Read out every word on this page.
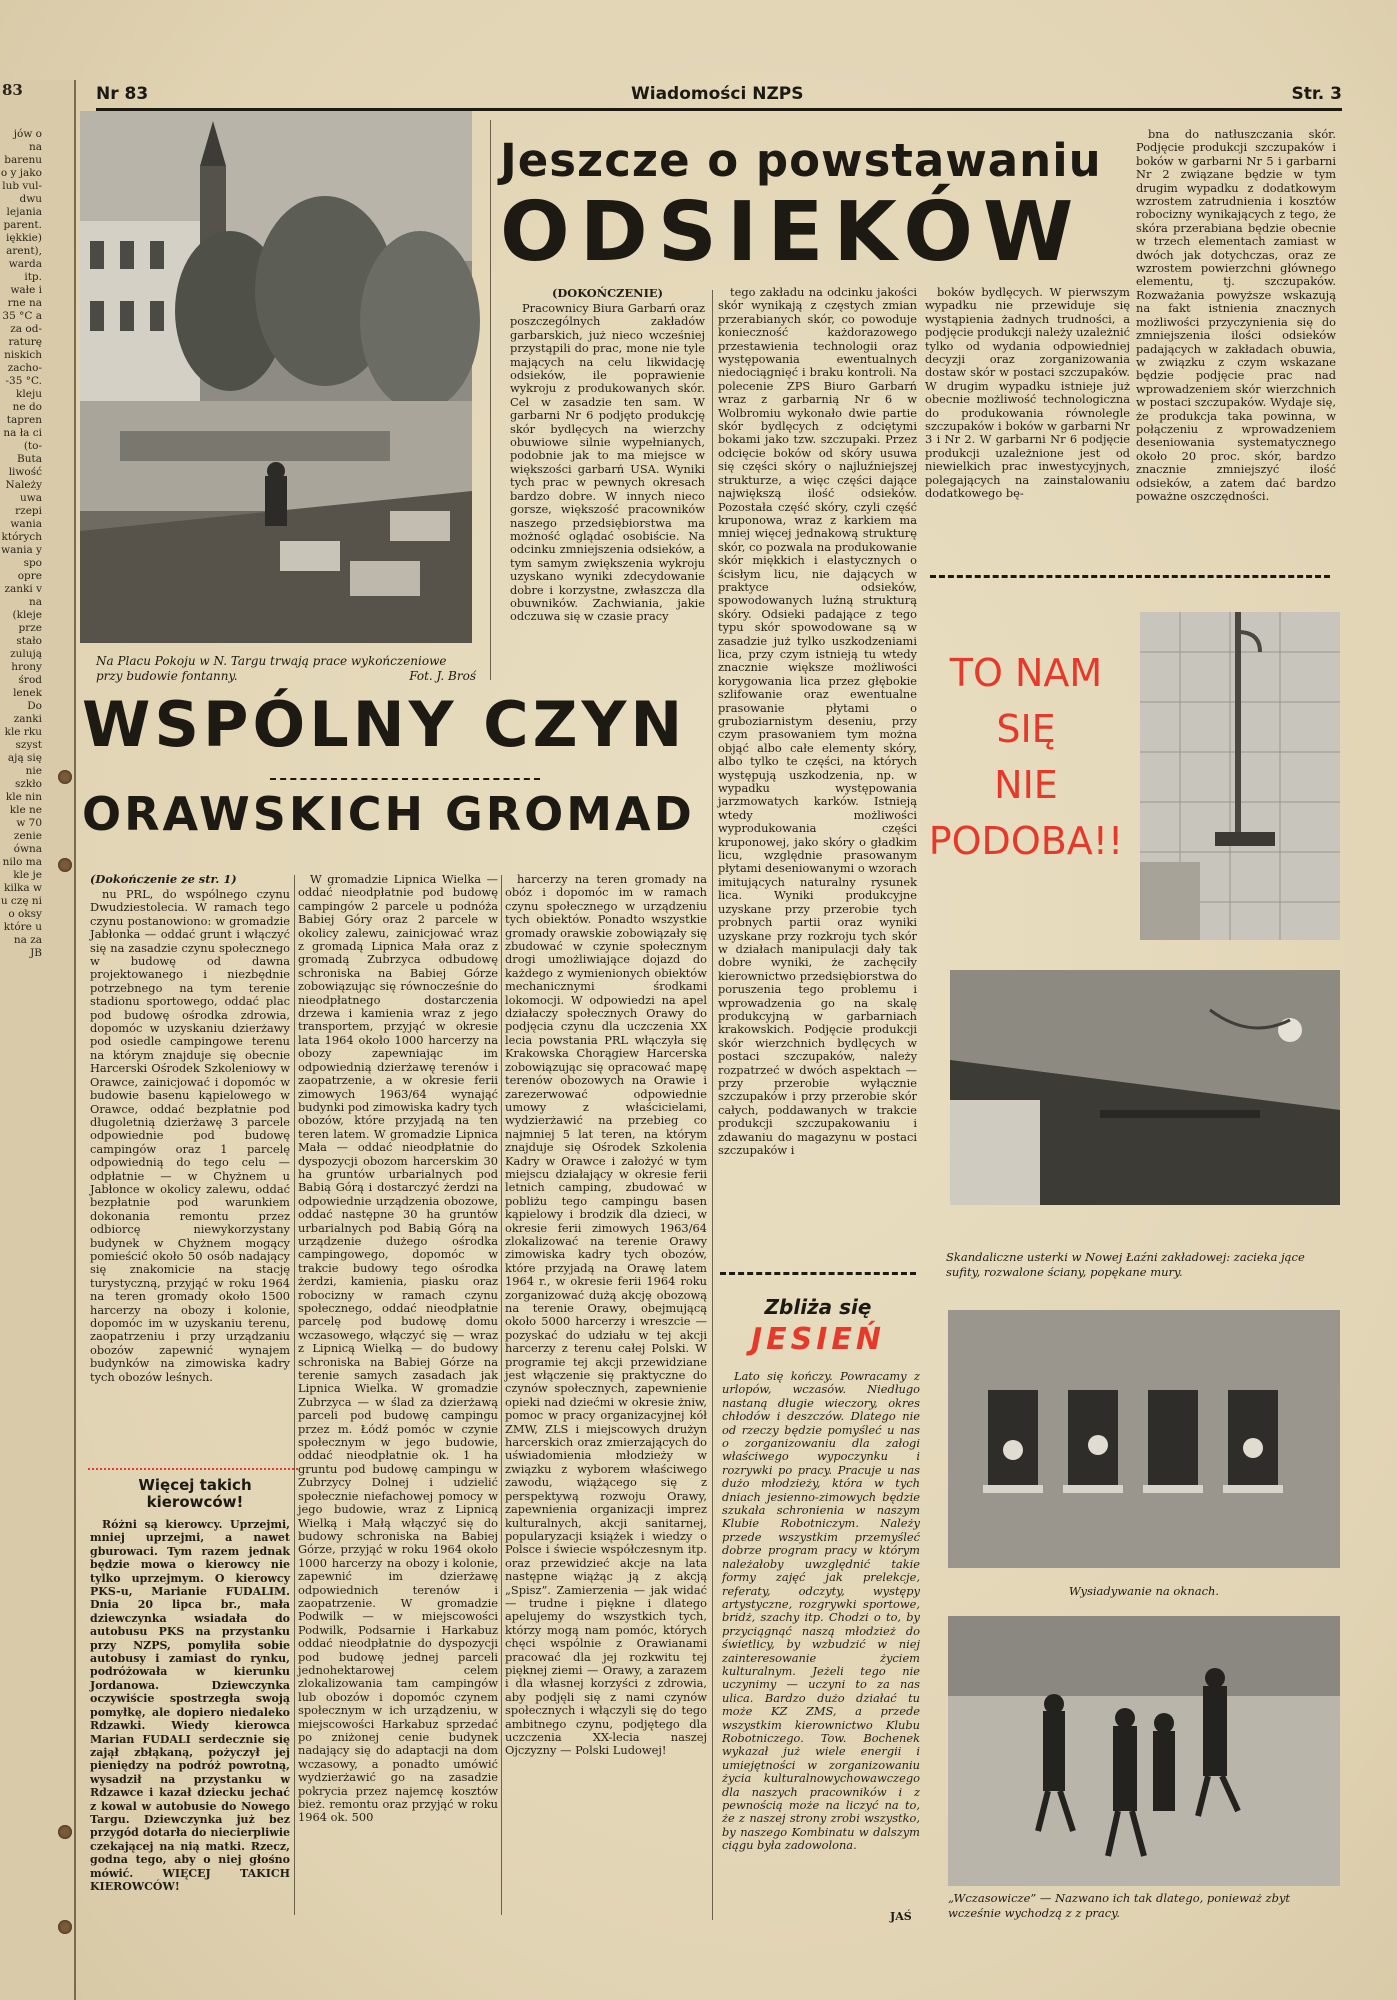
83
jów o na barenu o y jako lub vul-dwu lejania parent. iękkie) arent), warda itp. wałe i rne na 35 °C a za od- raturę niskich zacho--35 °C. kleju ne do tapren na ła ci (to- Buta liwość Należy uwa rzepi wania których wania y spo opre zanki v na (kleje prze stało zulują hrony środ lenek Do zanki kle rku szyst ają się nie szkło kle nin kle ne w 70 zenie ówna nilo ma kle je kilka w u czę ni o oksy które u na za JB
Nr 83	Wiadomości NZPS	Str. 3
Na Placu Pokoju w N. Targu trwają prace wykończeniowe przy budowie fontanny.	Fot. J. Broś
Jeszcze o powstawaniu
ODSIEKÓW
(DOKOŃCZENIE)

Pracownicy Biura Garbarń oraz poszczególnych zakładów garbarskich, już nieco wcześniej przystąpili do prac, mone nie tyle mających na celu likwidację odsieków, ile poprawienie wykroju z produkowanych skór. Cel w zasadzie ten sam. W garbarni Nr 6 podjęto produkcję skór bydlęcych na wierzchy obuwiowe silnie wypełnianych, podobnie jak to ma miejsce w większości garbarń USA. Wyniki tych prac w pewnych okresach bardzo dobre. W innych nieco gorsze, większość pracowników naszego przedsiębiorstwa ma możność oglądać osobiście. Na odcinku zmniejszenia odsieków, a tym samym zwiększenia wykroju uzyskano wyniki zdecydowanie dobre i korzystne, zwłaszcza dla obuwników. Zachwiania, jakie odczuwa się w czasie pracy

tego zakładu na odcinku jakości skór wynikają z częstych zmian przerabianych skór, co powoduje konieczność każdorazowego przestawienia technologii oraz występowania ewentualnych niedociągnięć i braku kontroli. Na polecenie ZPS Biuro Garbarń wraz z garbarnią Nr 6 w Wolbromiu wykonało dwie partie skór bydlęcych z odciętymi bokami jako tzw. szczupaki. Przez odcięcie boków od skóry usuwa się części skóry o najluźniejszej strukturze, a więc części dające największą ilość odsieków. Pozostała część skóry, czyli część kruponowa, wraz z karkiem ma mniej więcej jednakową strukturę skór, co pozwala na produkowanie skór miękkich i elastycznych o ścisłym licu, nie dających w praktyce odsieków, spowodowanych luźną strukturą skóry. Odsieki padające z tego typu skór spowodowane są w zasadzie już tylko uszkodzeniami lica, przy czym istnieją tu wtedy znacznie większe możliwości korygowania lica przez głębokie szlifowanie oraz ewentualne prasowanie płytami o gruboziarnistym deseniu, przy czym prasowaniem tym można objąć albo całe elementy skóry, albo tylko te części, na których występują uszkodzenia, np. w wypadku występowania jarzmowatych karków. Istnieją wtedy możliwości wyprodukowania części kruponowej, jako skóry o gładkim licu, względnie prasowanym płytami deseniowanymi o wzorach imitujących naturalny rysunek lica. Wyniki produkcyjne uzyskane przy przerobie tych probnych partii oraz wyniki uzyskane przy rozkroju tych skór w działach manipulacji dały tak dobre wyniki, że zachęciły kierownictwo przedsiębiorstwa do poruszenia tego problemu i wprowadzenia go na skalę produkcyjną w garbarniach krakowskich. Podjęcie produkcji skór wierzchnich bydlęcych w postaci szczupaków, należy rozpatrzeć w dwóch aspektach — przy przerobie wyłącznie szczupaków i przy przerobie skór całych, poddawanych w trakcie produkcji szczupakowaniu i zdawaniu do magazynu w postaci szczupaków i

boków bydlęcych. W pierwszym wypadku nie przewiduje się wystąpienia żadnych trudności, a podjęcie produkcji należy uzależnić tylko od wydania odpowiedniej decyzji oraz zorganizowania dostaw skór w postaci szczupaków. W drugim wypadku istnieje już obecnie możliwość technologiczna do produkowania równolegle szczupaków i boków w garbarni Nr 3 i Nr 2. W garbarni Nr 6 podjęcie produkcji uzależnione jest od niewielkich prac inwestycyjnych, polegających na zainstalowaniu dodatkowego bę-

bna do natłuszczania skór. Podjęcie produkcji szczupaków i boków w garbarni Nr 5 i garbarni Nr 2 związane będzie w tym drugim wypadku z dodatkowym wzrostem zatrudnienia i kosztów robocizny wynikających z tego, że skóra przerabiana będzie obecnie w trzech elementach zamiast w dwóch jak dotychczas, oraz ze wzrostem powierzchni głównego elementu, tj. szczupaków. Rozważania powyższe wskazują na fakt istnienia znacznych możliwości przyczynienia się do zmniejszenia ilości odsieków padających w zakładach obuwia, w związku z czym wskazane będzie podjęcie prac nad wprowadzeniem skór wierzchnich w postaci szczupaków. Wydaje się, że produkcja taka powinna, w połączeniu z wprowadzeniem deseniowania systematycznego około 20 proc. skór, bardzo znacznie zmniejszyć ilość odsieków, a zatem dać bardzo poważne oszczędności.

WSPÓLNY CZYN
ORAWSKICH GROMAD
(Dokończenie ze str. 1)

nu PRL, do wspólnego czynu Dwudziestolecia. W ramach tego czynu postanowiono: w gromadzie Jabłonka — oddać grunt i włączyć się na zasadzie czynu społecznego w budowę od dawna projektowanego i niezbędnie potrzebnego na tym terenie stadionu sportowego, oddać plac pod budowę ośrodka zdrowia, dopomóc w uzyskaniu dzierżawy pod osiedle campingowe terenu na którym znajduje się obecnie Harcerski Ośrodek Szkoleniowy w Orawce, zainicjować i dopomóc w budowie basenu kąpielowego w Orawce, oddać bezpłatnie pod długoletnią dzierżawę 3 parcele odpowiednie pod budowę campingów oraz 1 parcelę odpowiednią do tego celu — odpłatnie — w Chyżnem u Jabłonce w okolicy zalewu, oddać bezpłatnie pod warunkiem dokonania remontu przez odbiorcę niewykorzystany budynek w Chyżnem mogący pomieścić około 50 osób nadający się znakomicie na stację turystyczną, przyjąć w roku 1964 na teren gromady około 1500 harcerzy na obozy i kolonie, dopomóc im w uzyskaniu terenu, zaopatrzeniu i przy urządzaniu obozów zapewnić wynajem budynków na zimowiska kadry tych obozów leśnych.

W gromadzie Lipnica Wielka — oddać nieodpłatnie pod budowę campingów 2 parcele u podnóża Babiej Góry oraz 2 parcele w okolicy zalewu, zainicjować wraz z gromadą Lipnica Mała oraz z gromadą Zubrzyca odbudowę schroniska na Babiej Górze zobowiązując się równocześnie do nieodpłatnego dostarczenia drzewa i kamienia wraz z jego transportem, przyjąć w okresie lata 1964 około 1000 harcerzy na obozy zapewniając im odpowiednią dzierżawę terenów i zaopatrzenie, a w okresie ferii zimowych 1963/64 wynająć budynki pod zimowiska kadry tych obozów, które przyjadą na ten teren latem. W gromadzie Lipnica Mała — oddać nieodpłatnie do dyspozycji obozom harcerskim 30 ha gruntów urbarialnych pod Babią Górą i dostarczyć żerdzi na odpowiednie urządzenia obozowe, oddać następne 30 ha gruntów urbarialnych pod Babią Górą na urządzenie dużego ośrodka campingowego, dopomóc w trakcie budowy tego ośrodka żerdzi, kamienia, piasku oraz robocizny w ramach czynu społecznego, oddać nieodpłatnie parcelę pod budowę domu wczasowego, włączyć się — wraz z Lipnicą Wielką — do budowy schroniska na Babiej Górze na terenie samych zasadach jak Lipnica Wielka. W gromadzie Zubrzyca — w ślad za dzierżawą parceli pod budowę campingu przez m. Łódź pomóc w czynie społecznym w jego budowie, oddać nieodpłatnie ok. 1 ha gruntu pod budowę campingu w Zubrzycy Dolnej i udzielić społecznie niefachowej pomocy w jego budowie, wraz z Lipnicą Wielką i Małą włączyć się do budowy schroniska na Babiej Górze, przyjąć w roku 1964 około 1000 harcerzy na obozy i kolonie, zapewnić im dzierżawę odpowiednich terenów i zaopatrzenie. W gromadzie Podwilk — w miejscowości Podwilk, Podsarnie i Harkabuz oddać nieodpłatnie do dyspozycji pod budowę jednej parceli jednohektarowej celem zlokalizowania tam campingów lub obozów i dopomóc czynem społecznym w ich urządzeniu, w miejscowości Harkabuz sprzedać po zniżonej cenie budynek nadający się do adaptacji na dom wczasowy, a ponadto umówić wydzierżawić go na zasadzie pokrycia przez najemcę kosztów bież. remontu oraz przyjąć w roku 1964 ok. 500

harcerzy na teren gromady na obóz i dopomóc im w ramach czynu społecznego w urządzeniu tych obiektów. Ponadto wszystkie gromady orawskie zobowiązały się zbudować w czynie społecznym drogi umożliwiające dojazd do każdego z wymienionych obiektów mechanicznymi środkami lokomocji. W odpowiedzi na apel działaczy społecznych Orawy do podjęcia czynu dla uczczenia XX lecia powstania PRL włączyła się Krakowska Chorągiew Harcerska zobowiązując się opracować mapę terenów obozowych na Orawie i zarezerwować odpowiednie umowy z właścicielami, wydzierżawić na przebieg co najmniej 5 lat teren, na którym znajduje się Ośrodek Szkolenia Kadry w Orawce i założyć w tym miejscu działający w okresie ferii letnich camping, zbudować w pobliżu tego campingu basen kąpielowy i brodzik dla dzieci, w okresie ferii zimowych 1963/64 zlokalizować na terenie Orawy zimowiska kadry tych obozów, które przyjadą na Orawę latem 1964 r., w okresie ferii 1964 roku zorganizować dużą akcję obozową na terenie Orawy, obejmującą około 5000 harcerzy i wreszcie — pozyskać do udziału w tej akcji harcerzy z terenu całej Polski. W programie tej akcji przewidziane jest włączenie się praktyczne do czynów społecznych, zapewnienie opieki nad dziećmi w okresie żniw, pomoc w pracy organizacyjnej kół ZMW, ZLS i miejscowych drużyn harcerskich oraz zmierzających do uświadomienia młodzieży w związku z wyborem właściwego zawodu, wiążącego się z perspektywą rozwoju Orawy, zapewnienia organizacji imprez kulturalnych, akcji sanitarnej, popularyzacji książek i wiedzy o Polsce i świecie współczesnym itp. oraz przewidzieć akcje na lata następne wiążąc ją z akcją „Spisz”. Zamierzenia — jak widać — trudne i piękne i dlatego apelujemy do wszystkich tych, którzy mogą nam pomóc, których chęci wspólnie z Orawianami pracować dla jej rozkwitu tej pięknej ziemi — Orawy, a zarazem i dla własnej korzyści z zdrowia, aby podjęli się z nami czynów społecznych i włączyli się do tego ambitnego czynu, podjętego dla uczczenia XX-lecia naszej Ojczyzny — Polski Ludowej!

Więcej takich kierowców!

Różni są kierowcy. Uprzejmi, mniej uprzejmi, a nawet gburowaci. Tym razem jednak będzie mowa o kierowcy nie tylko uprzejmym. O kierowcy PKS-u, Marianie FUDALIM. Dnia 20 lipca br., mała dziewczynka wsiadała do autobusu PKS na przystanku przy NZPS, pomyliła sobie autobusy i zamiast do rynku, podróżowała w kierunku Jordanowa. Dziewczynka oczywiście spostrzegła swoją pomyłkę, ale dopiero niedaleko Rdzawki. Wiedy kierowca Marian FUDALI serdecznie się zajął zbłąkaną, pożyczył jej pieniędzy na podróż powrotną, wysadził na przystanku w Rdzawce i kazał dziecku jechać z kowal w autobusie do Nowego Targu. Dziewczynka już bez przygód dotarła do niecierpliwie czekającej na nią matki. Rzecz, godna tego, aby o niej głośno mówić. WIĘCEJ TAKICH KIEROWCÓW!

TO NAM
SIĘ
NIE
PODOBA!!
Skandaliczne usterki w Nowej Łaźni zakładowej: zacieka jące sufity, rozwalone ściany, popękane mury.
Wysiadywanie na oknach.
„Wczasowicze” — Nazwano ich tak dlatego, ponieważ zbyt wcześnie wychodzą z z pracy.
Zbliża się
JESIEŃ

Lato się kończy. Powracamy z urlopów, wczasów. Niedługo nastaną długie wieczory, okres chłodów i deszczów. Dlatego nie od rzeczy będzie pomyśleć u nas o zorganizowaniu dla załogi właściwego wypoczynku i rozrywki po pracy. Pracuje u nas dużo młodzieży, która w tych dniach jesienno-zimowych będzie szukała schronienia w naszym Klubie Robotniczym. Należy przede wszystkim przemyśleć dobrze program pracy w którym należałoby uwzględnić takie formy zajęć jak prelekcje, referaty, odczyty, występy artystyczne, rozgrywki sportowe, bridż, szachy itp. Chodzi o to, by przyciągnąć naszą młodzież do świetlicy, by wzbudzić w niej zainteresowanie życiem kulturalnym. Jeżeli tego nie uczynimy — uczyni to za nas ulica. Bardzo dużo działać tu może KZ ZMS, a przede wszystkim kierownictwo Klubu Robotniczego. Tow. Bochenek wykazał już wiele energii i umiejętności w zorganizowaniu życia kulturalnowychowawczego dla naszych pracowników i z pewnością może na liczyć na to, że z naszej strony zrobi wszystko, by naszego Kombinatu w dalszym ciągu była zadowolona.

JAŚ
